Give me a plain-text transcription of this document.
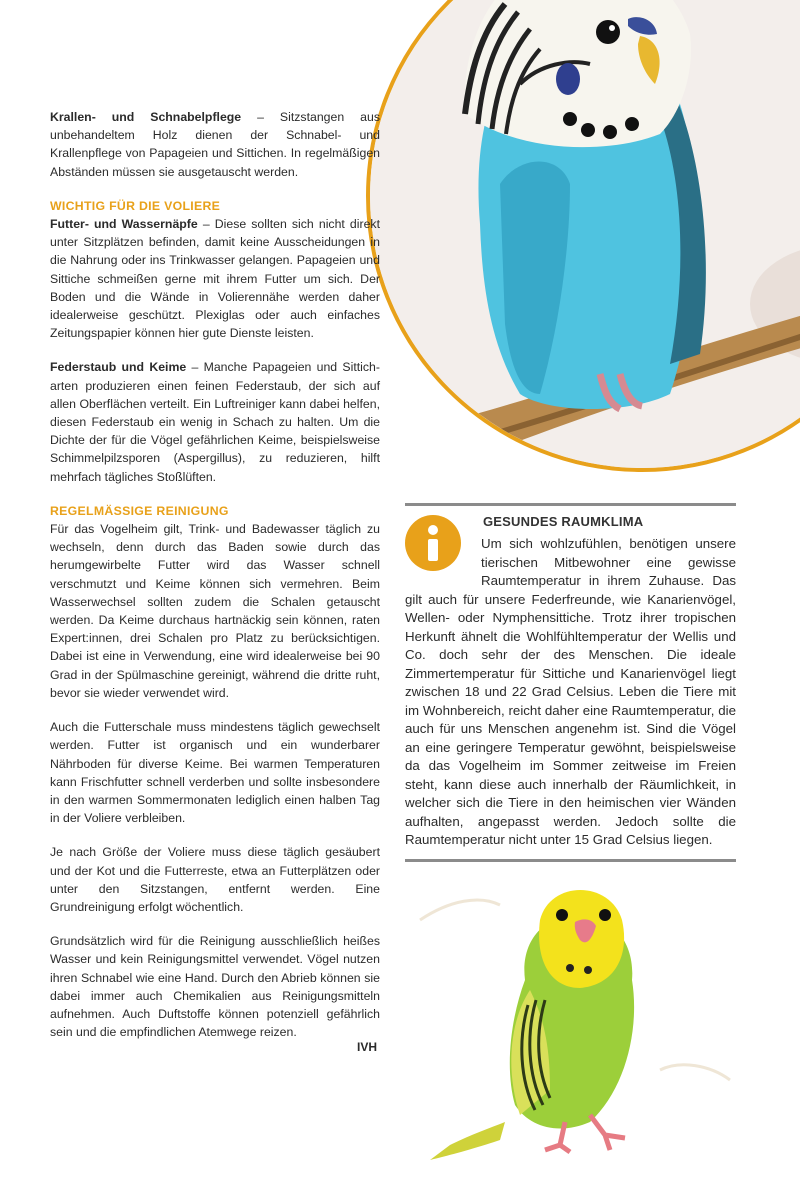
Krallen- und Schnabelpflege – Sitzstangen aus unbehandeltem Holz dienen der Schnabel- und Krallenpflege von Papageien und Sittichen. In regelmäßigen Abständen müssen sie ausgetauscht werden.

WICHTIG FÜR DIE VOLIERE

Futter- und Wassernäpfe – Diese sollten sich nicht direkt unter Sitzplätzen befinden, damit keine Ausscheidungen in die Nahrung oder ins Trinkwasser gelangen. Papageien und Sittiche schmeißen gerne mit ihrem Futter um sich. Der Boden und die Wände in Volierennähe werden daher idealerweise geschützt. Plexiglas oder auch einfaches Zeitungspapier können hier gute Dienste leisten.

Federstaub und Keime – Manche Papageien und Sitticharten produzieren einen feinen Federstaub, der sich auf allen Oberflächen verteilt. Ein Luftreiniger kann dabei helfen, diesen Federstaub ein wenig in Schach zu halten. Um die Dichte der für die Vögel gefährlichen Keime, beispielsweise Schimmelpilzsporen (Aspergillus), zu reduzieren, hilft mehrfach tägliches Stoßlüften.

REGELMÄSSIGE REINIGUNG

Für das Vogelheim gilt, Trink- und Badewasser täglich zu wechseln, denn durch das Baden sowie durch das herumgewirbelte Futter wird das Wasser schnell verschmutzt und Keime können sich vermehren. Beim Wasserwechsel sollten zudem die Schalen getauscht werden. Da Keime durchaus hartnäckig sein können, raten Expert:innen, drei Schalen pro Platz zu berücksichtigen. Dabei ist eine in Verwendung, eine wird idealerweise bei 90 Grad in der Spülmaschine gereinigt, während die dritte ruht, bevor sie wieder verwendet wird.

Auch die Futterschale muss mindestens täglich gewechselt werden. Futter ist organisch und ein wunderbarer Nährboden für diverse Keime. Bei warmen Temperaturen kann Frischfutter schnell verderben und sollte insbesondere in den warmen Sommermonaten lediglich einen halben Tag in der Voliere verbleiben.

Je nach Größe der Voliere muss diese täglich gesäubert und der Kot und die Futterreste, etwa an Futterplätzen oder unter den Sitzstangen, entfernt werden. Eine Grundreinigung erfolgt wöchentlich.

Grundsätzlich wird für die Reinigung ausschließlich heißes Wasser und kein Reinigungsmittel verwendet. Vögel nutzen ihren Schnabel wie eine Hand. Durch den Abrieb können sie dabei immer auch Chemikalien aus Reinigungsmitteln aufnehmen. Auch Duftstoffe können potenziell gefährlich sein und die empfindlichen Atemwege reizen.

IVH
GESUNDES RAUMKLIMA

Um sich wohlzufühlen, benötigen unsere tierischen Mitbewohner eine gewisse Raumtemperatur in ihrem Zuhause. Das gilt auch für unsere Federfreunde, wie Kanarienvögel, Wellen- oder Nymphensittiche. Trotz ihrer tropischen Herkunft ähnelt die Wohlfühltemperatur der Wellis und Co. doch sehr der des Menschen. Die ideale Zimmertemperatur für Sittiche und Kanarienvögel liegt zwischen 18 und 22 Grad Celsius. Leben die Tiere mit im Wohnbereich, reicht daher eine Raumtemperatur, die auch für uns Menschen angenehm ist. Sind die Vögel an eine geringere Temperatur gewöhnt, beispielsweise da das Vogelheim im Sommer zeitweise im Freien steht, kann diese auch innerhalb der Räumlichkeit, in welcher sich die Tiere in den heimischen vier Wänden aufhalten, angepasst werden. Jedoch sollte die Raumtemperatur nicht unter 15 Grad Celsius liegen.
